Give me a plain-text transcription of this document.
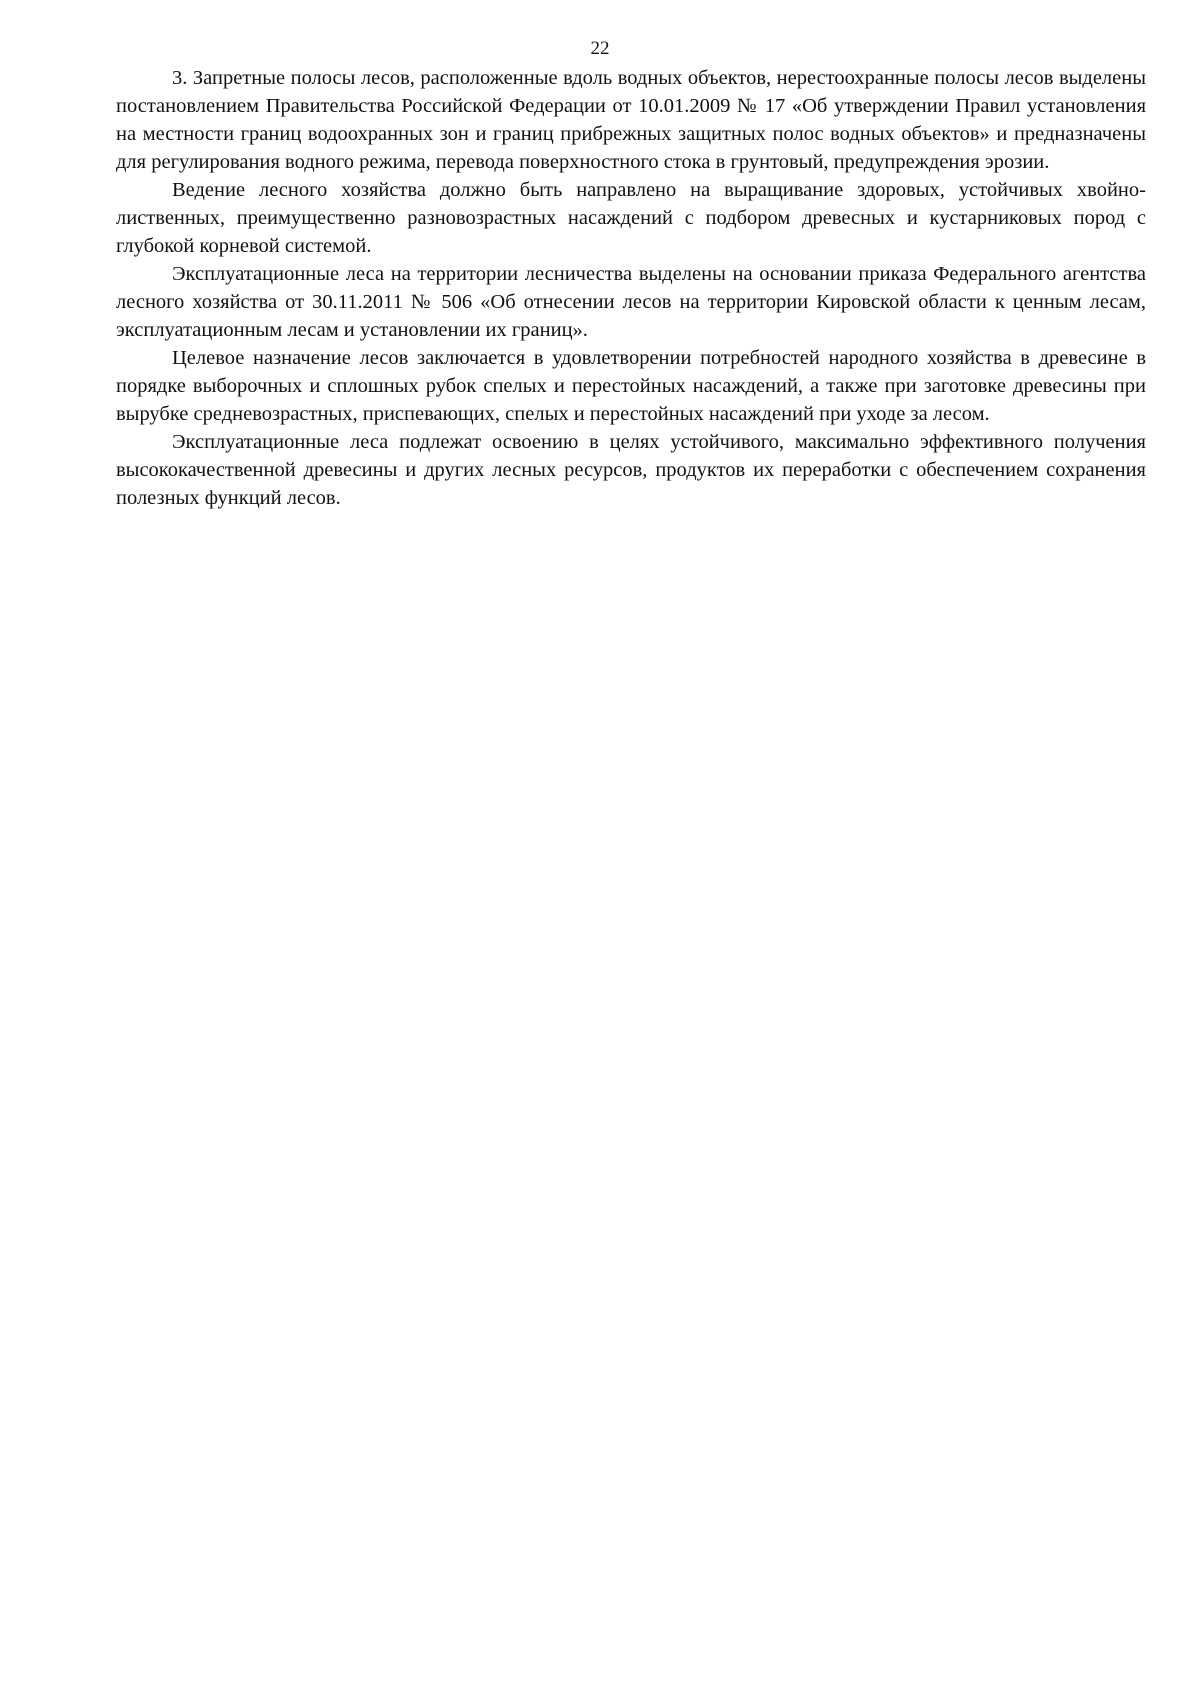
22

3. Запретные полосы лесов, расположенные вдоль водных объектов, нерестоохранные полосы лесов выделены постановлением Правительства Российской Федерации от 10.01.2009 № 17 «Об утверждении Правил установления на местности границ водоохранных зон и границ прибрежных защитных полос водных объектов» и предназначены для регулирования водного режима, перевода поверхностного стока в грунтовый, предупреждения эрозии.

Ведение лесного хозяйства должно быть направлено на выращивание здоровых, устойчивых хвойно-лиственных, преимущественно разновозрастных насаждений с подбором древесных и кустарниковых пород с глубокой корневой системой.

Эксплуатационные леса на территории лесничества выделены на основании приказа Федерального агентства лесного хозяйства от 30.11.2011 № 506 «Об отнесении лесов на территории Кировской области к ценным лесам, эксплуатационным лесам и установлении их границ».

Целевое назначение лесов заключается в удовлетворении потребностей народного хозяйства в древесине в порядке выборочных и сплошных рубок спелых и перестойных насаждений, а также при заготовке древесины при вырубке средневозрастных, приспевающих, спелых и перестойных насаждений при уходе за лесом.

Эксплуатационные леса подлежат освоению в целях устойчивого, максимально эффективного получения высококачественной древесины и других лесных ресурсов, продуктов их переработки с обеспечением сохранения полезных функций лесов.
